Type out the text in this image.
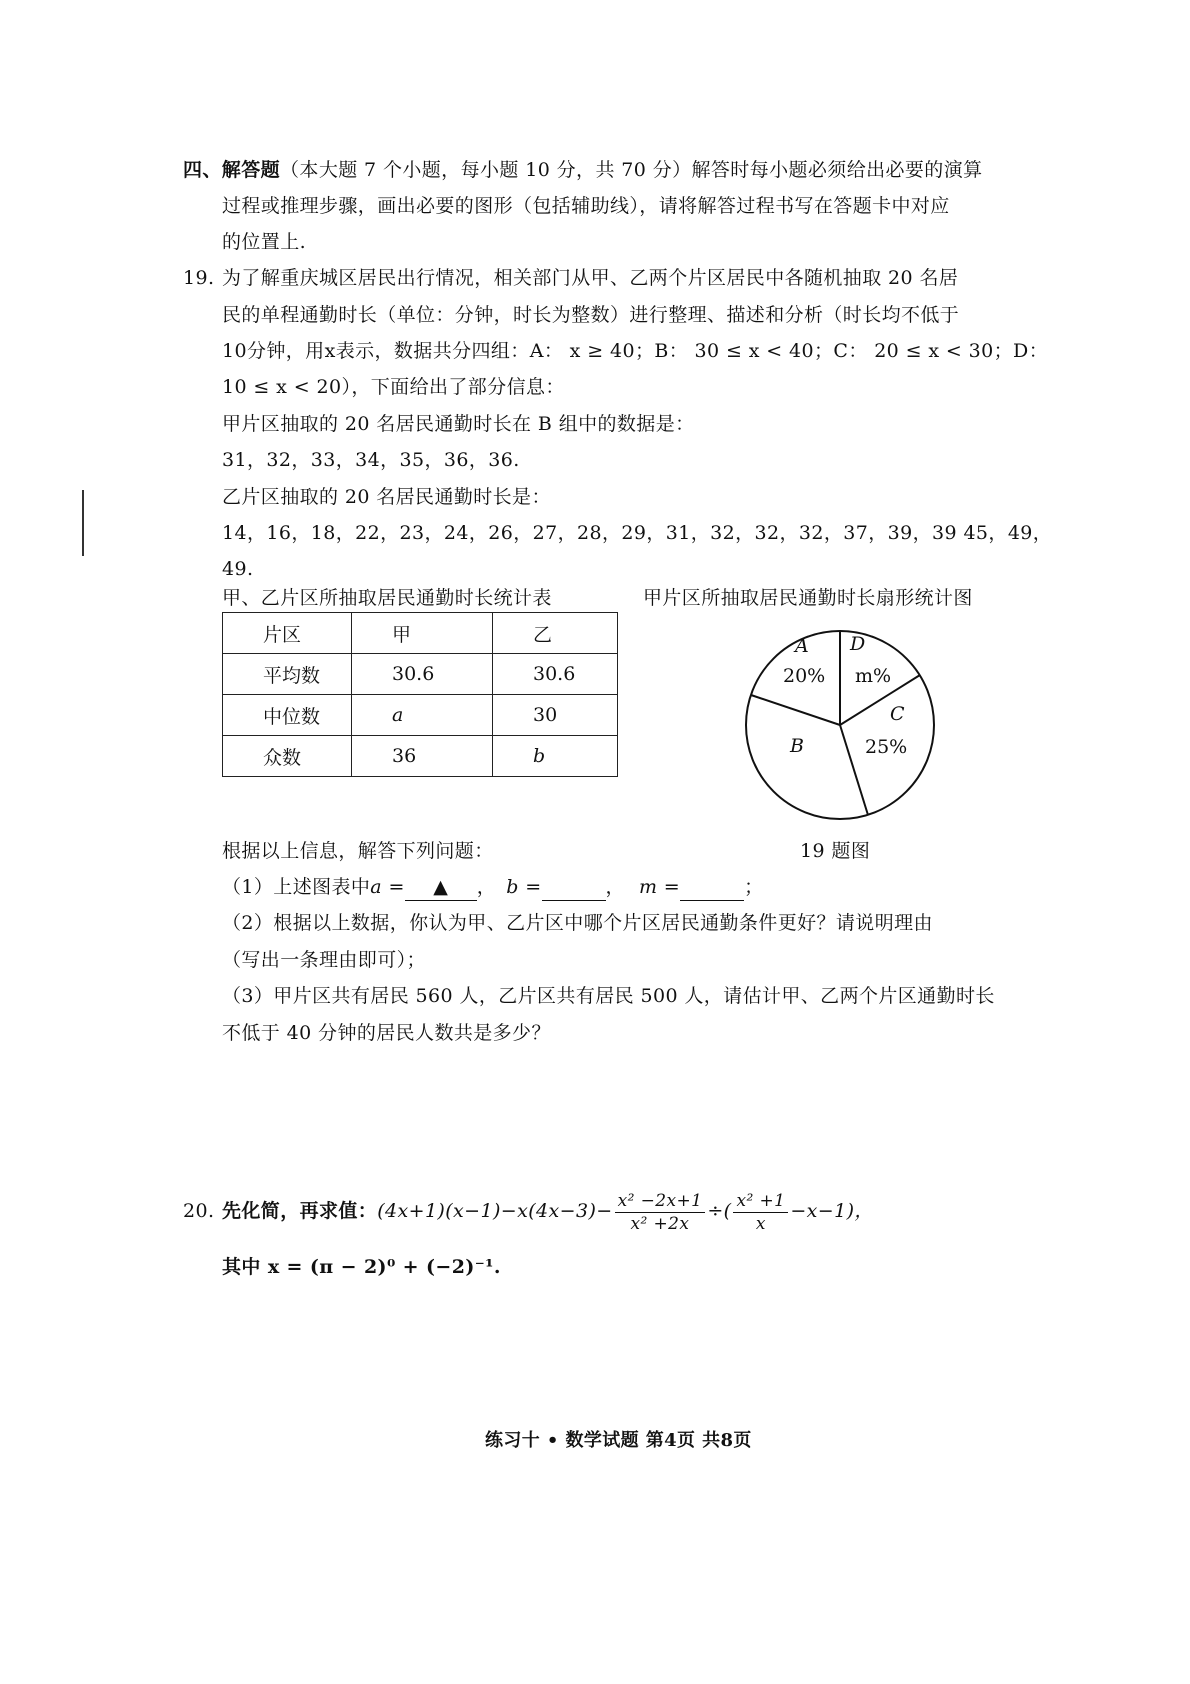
四、解答题（本大题 7 个小题，每小题 10 分，共 70 分）解答时每小题必须给出必要的演算
过程或推理步骤，画出必要的图形（包括辅助线），请将解答过程书写在答题卡中对应
的位置上.
19. 为了解重庆城区居民出行情况，相关部门从甲、乙两个片区居民中各随机抽取 20 名居
民的单程通勤时长（单位：分钟，时长为整数）进行整理、描述和分析（时长均不低于
10分钟，用x表示，数据共分四组：A： x ≥ 40；B： 30 ≤ x < 40；C： 20 ≤ x < 30；D：
10 ≤ x < 20），下面给出了部分信息：
甲片区抽取的 20 名居民通勤时长在 B 组中的数据是：
31，32，33，34，35，36，36.
乙片区抽取的 20 名居民通勤时长是：
14，16，18，22，23，24，26，27，28，29，31，32，32，32，37，39，39 45，49，
49.
甲、乙片区所抽取居民通勤时长统计表	甲片区所抽取居民通勤时长扇形统计图
片区	甲	乙
平均数	30.6	30.6
中位数	a	30
众数	36	b
A
20%
D
m%
C
25%
B
根据以上信息，解答下列问题：	19 题图
（1）上述图表中a = ▲ ， b =	， m =	；
（2）根据以上数据，你认为甲、乙片区中哪个片区居民通勤条件更好？请说明理由
（写出一条理由即可）；
（3）甲片区共有居民 560 人，乙片区共有居民 500 人，请估计甲、乙两个片区通勤时长
不低于 40 分钟的居民人数共是多少？
20. 先化简，再求值：$(4x+1)(x-1)-x(4x-3)- \frac{\text{x² −2x+1}}{\text{x² +2x}}$ ÷( $\frac{\text{x² +1}}{x} -x-1$)，
其中 x = (π − 2)⁰ + (−2)⁻¹.
练习十 • 数学试题 第4页 共8页
